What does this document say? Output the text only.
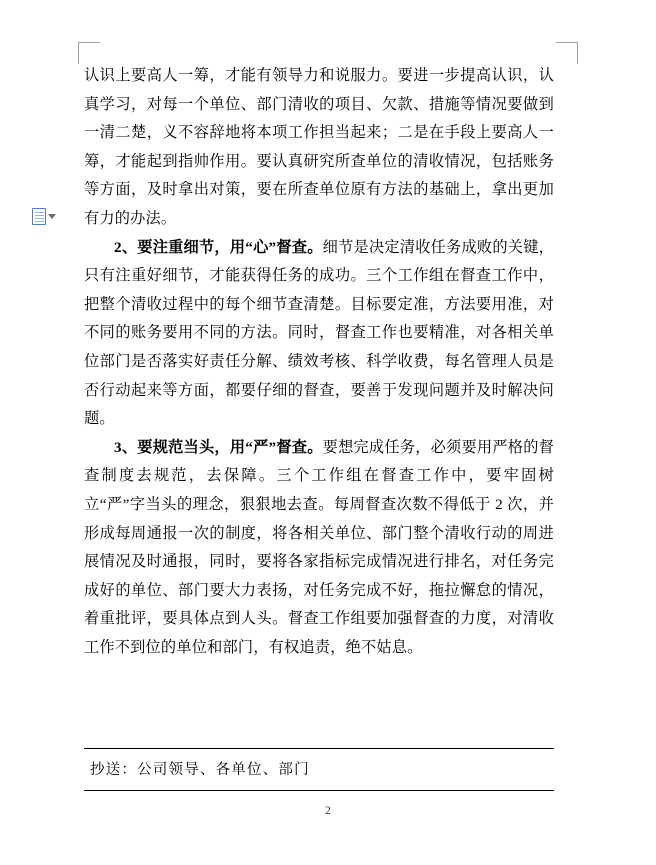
认识上要高人一筹，才能有领导力和说服力。要进一步提高认识，认真学习，对每一个单位、部门清收的项目、欠款、措施等情况要做到一清二楚，义不容辞地将本项工作担当起来；二是在手段上要高人一筹，才能起到指帅作用。要认真研究所查单位的清收情况，包括账务等方面，及时拿出对策，要在所查单位原有方法的基础上，拿出更加有力的办法。

2、要注重细节，用“心”督查。细节是决定清收任务成败的关键，只有注重好细节，才能获得任务的成功。三个工作组在督查工作中，把整个清收过程中的每个细节查清楚。目标要定准，方法要用准，对不同的账务要用不同的方法。同时，督查工作也要精准，对各相关单位部门是否落实好责任分解、绩效考核、科学收费，每名管理人员是否行动起来等方面，都要仔细的督查，要善于发现问题并及时解决问题。

3、要规范当头，用“严”督查。要想完成任务，必须要用严格的督查制度去规范，去保障。三个工作组在督查工作中，要牢固树立“严”字当头的理念，狠狠地去查。每周督查次数不得低于 2 次，并形成每周通报一次的制度，将各相关单位、部门整个清收行动的周进展情况及时通报，同时，要将各家指标完成情况进行排名，对任务完成好的单位、部门要大力表扬，对任务完成不好，拖拉懈怠的情况，着重批评，要具体点到人头。督查工作组要加强督查的力度，对清收工作不到位的单位和部门，有权追责，绝不姑息。

抄送：公司领导、各单位、部门
2
